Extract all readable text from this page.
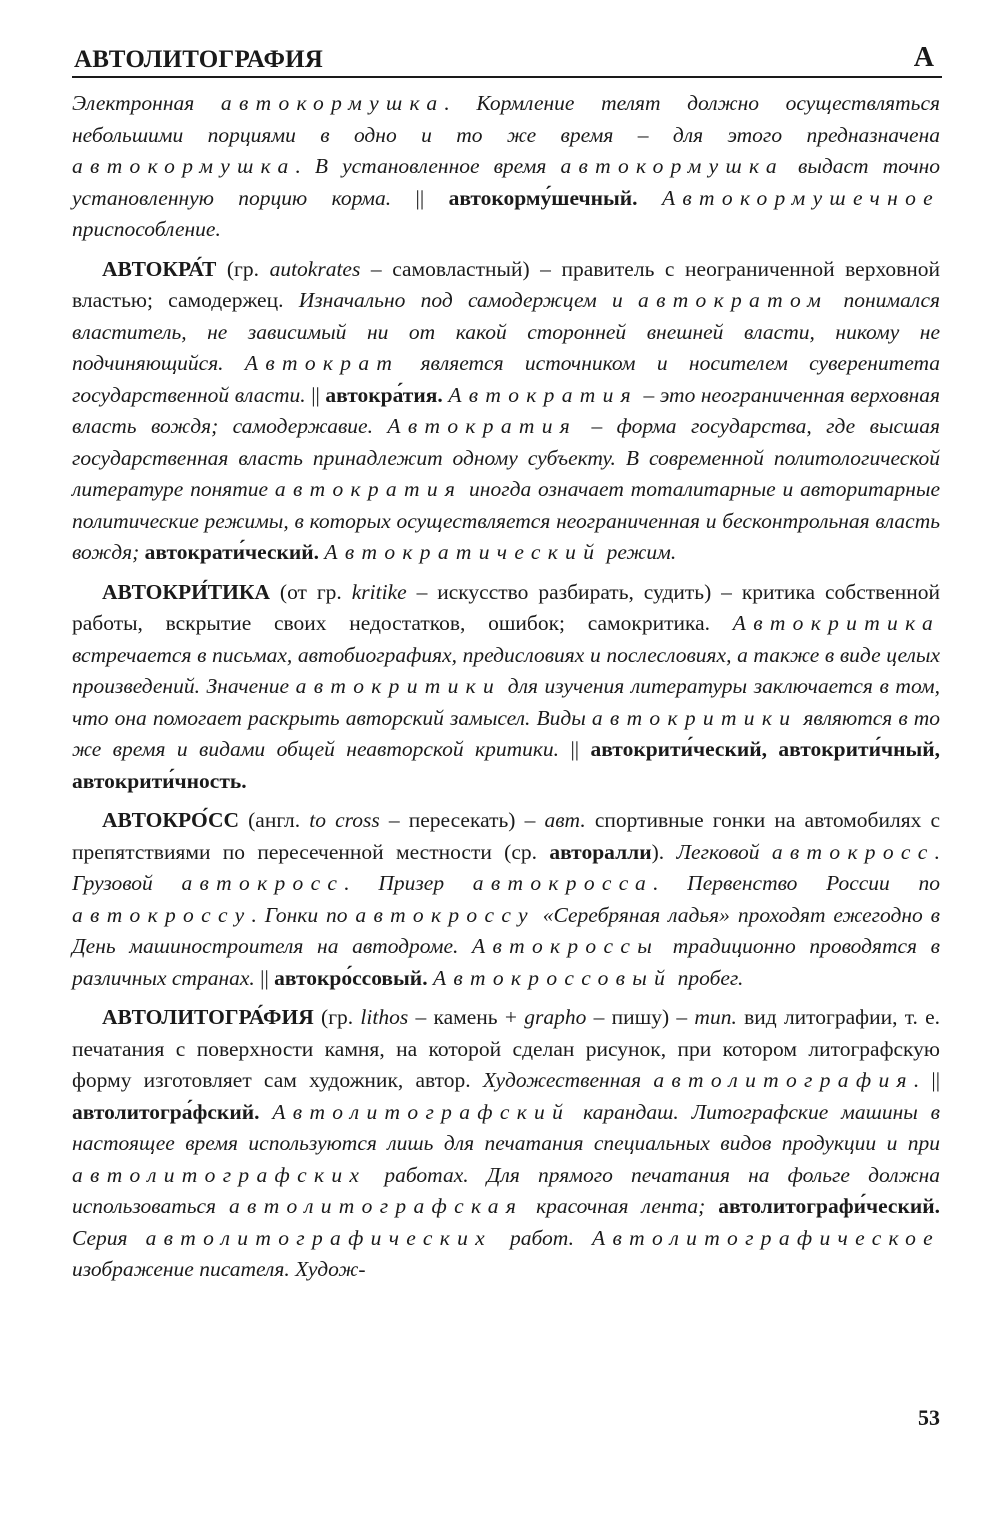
АВТОЛИТОГРАФИЯ	А

Электронная автокормушка. Кормление телят должно осуществляться небольшими порциями в одно и то же время – для этого предназначена автокормушка. В установленное время автокормушка выдаст точно установленную порцию корма. || автокорму́шечный. Автокормушечное приспособление.

АВТОКРА́Т (гр. autokrates – самовластный) – правитель с неограниченной верховной властью; самодержец. Изначально под самодержцем и автократом понимался властитель, не зависимый ни от какой сторонней внешней власти, никому не подчиняющийся. Автократ является источником и носителем суверенитета государственной власти. || автокра́тия. Автократия – это неограниченная верховная власть вождя; самодержавие. Автократия – форма государства, где высшая государственная власть принадлежит одному субъекту. В современной политологической литературе понятие автократия иногда означает тоталитарные и авторитарные политические режимы, в которых осуществляется неограниченная и бесконтрольная власть вождя; автократи́ческий. Автократический режим.

АВТОКРИ́ТИКА (от гр. kritike – искусство разбирать, судить) – критика собственной работы, вскрытие своих недостатков, ошибок; самокритика. Автокритика встречается в письмах, автобиографиях, предисловиях и послесловиях, а также в виде целых произведений. Значение автокритики для изучения литературы заключается в том, что она помогает раскрыть авторский замысел. Виды автокритики являются в то же время и видами общей неавторской критики. || автокрити́ческий, автокрити́чный, автокрити́чность.

АВТОКРО́СС (англ. to cross – пересекать) – авт. спортивные гонки на автомобилях с препятствиями по пересеченной местности (ср. авторалли). Легковой автокросс. Грузовой автокросс. Призер автокросса. Первенство России по автокроссу. Гонки по автокроссу «Серебряная ладья» проходят ежегодно в День машиностроителя на автодроме. Автокроссы традиционно проводятся в различных странах. || автокро́ссовый. Автокроссовый пробег.

АВТОЛИТОГРА́ФИЯ (гр. lithos – камень + grapho – пишу) – тип. вид литографии, т. е. печатания с поверхности камня, на которой сделан рисунок, при котором литографскую форму изготовляет сам художник, автор. Художественная автолитография. || автолитогра́фский. Автолитографский карандаш. Литографские машины в настоящее время используются лишь для печатания специальных видов продукции и при автолитографских работах. Для прямого печатания на фольге должна использоваться автолитографская красочная лента; автолитографи́ческий. Серия автолитографических работ. Автолитографическое изображение писателя. Худож-

53
